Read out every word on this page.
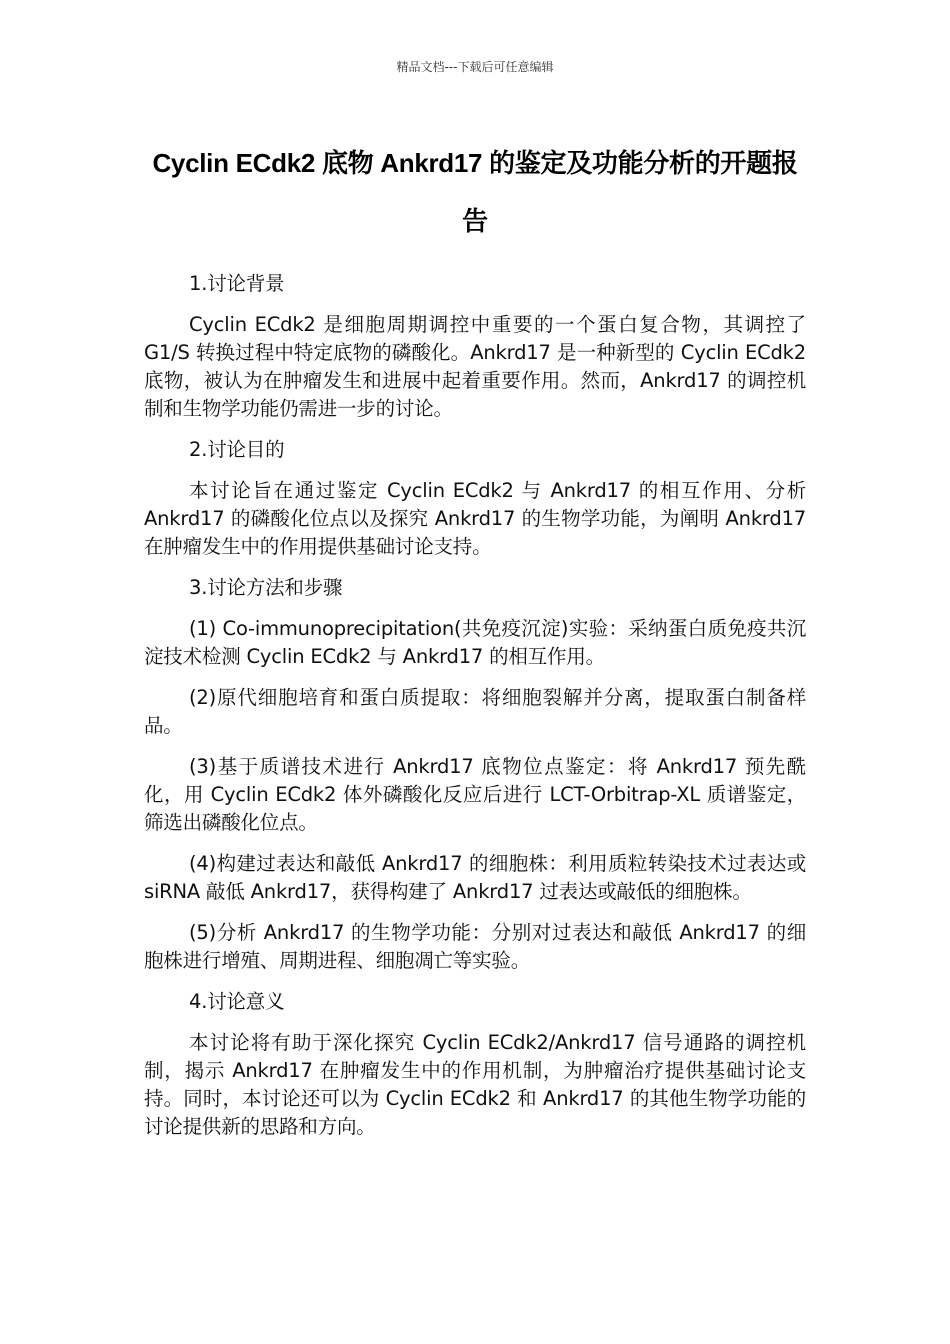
精品文档---下载后可任意编辑
Cyclin ECdk2 底物 Ankrd17 的鉴定及功能分析的开题报告

1.讨论背景

Cyclin ECdk2 是细胞周期调控中重要的一个蛋白复合物，其调控了 G1/S 转换过程中特定底物的磷酸化。Ankrd17 是一种新型的 Cyclin ECdk2 底物，被认为在肿瘤发生和进展中起着重要作用。然而，Ankrd17 的调控机制和生物学功能仍需进一步的讨论。

2.讨论目的

本讨论旨在通过鉴定 Cyclin ECdk2 与 Ankrd17 的相互作用、分析 Ankrd17 的磷酸化位点以及探究 Ankrd17 的生物学功能，为阐明 Ankrd17 在肿瘤发生中的作用提供基础讨论支持。

3.讨论方法和步骤

(1) Co-immunoprecipitation(共免疫沉淀)实验：采纳蛋白质免疫共沉淀技术检测 Cyclin ECdk2 与 Ankrd17 的相互作用。

(2)原代细胞培育和蛋白质提取：将细胞裂解并分离，提取蛋白制备样品。

(3)基于质谱技术进行 Ankrd17 底物位点鉴定：将 Ankrd17 预先酰化，用 Cyclin ECdk2 体外磷酸化反应后进行 LCT-Orbitrap-XL 质谱鉴定，筛选出磷酸化位点。

(4)构建过表达和敲低 Ankrd17 的细胞株：利用质粒转染技术过表达或 siRNA 敲低 Ankrd17，获得构建了 Ankrd17 过表达或敲低的细胞株。

(5)分析 Ankrd17 的生物学功能：分别对过表达和敲低 Ankrd17 的细胞株进行增殖、周期进程、细胞凋亡等实验。

4.讨论意义

本讨论将有助于深化探究 Cyclin ECdk2/Ankrd17 信号通路的调控机制，揭示 Ankrd17 在肿瘤发生中的作用机制，为肿瘤治疗提供基础讨论支持。同时，本讨论还可以为 Cyclin ECdk2 和 Ankrd17 的其他生物学功能的讨论提供新的思路和方向。
